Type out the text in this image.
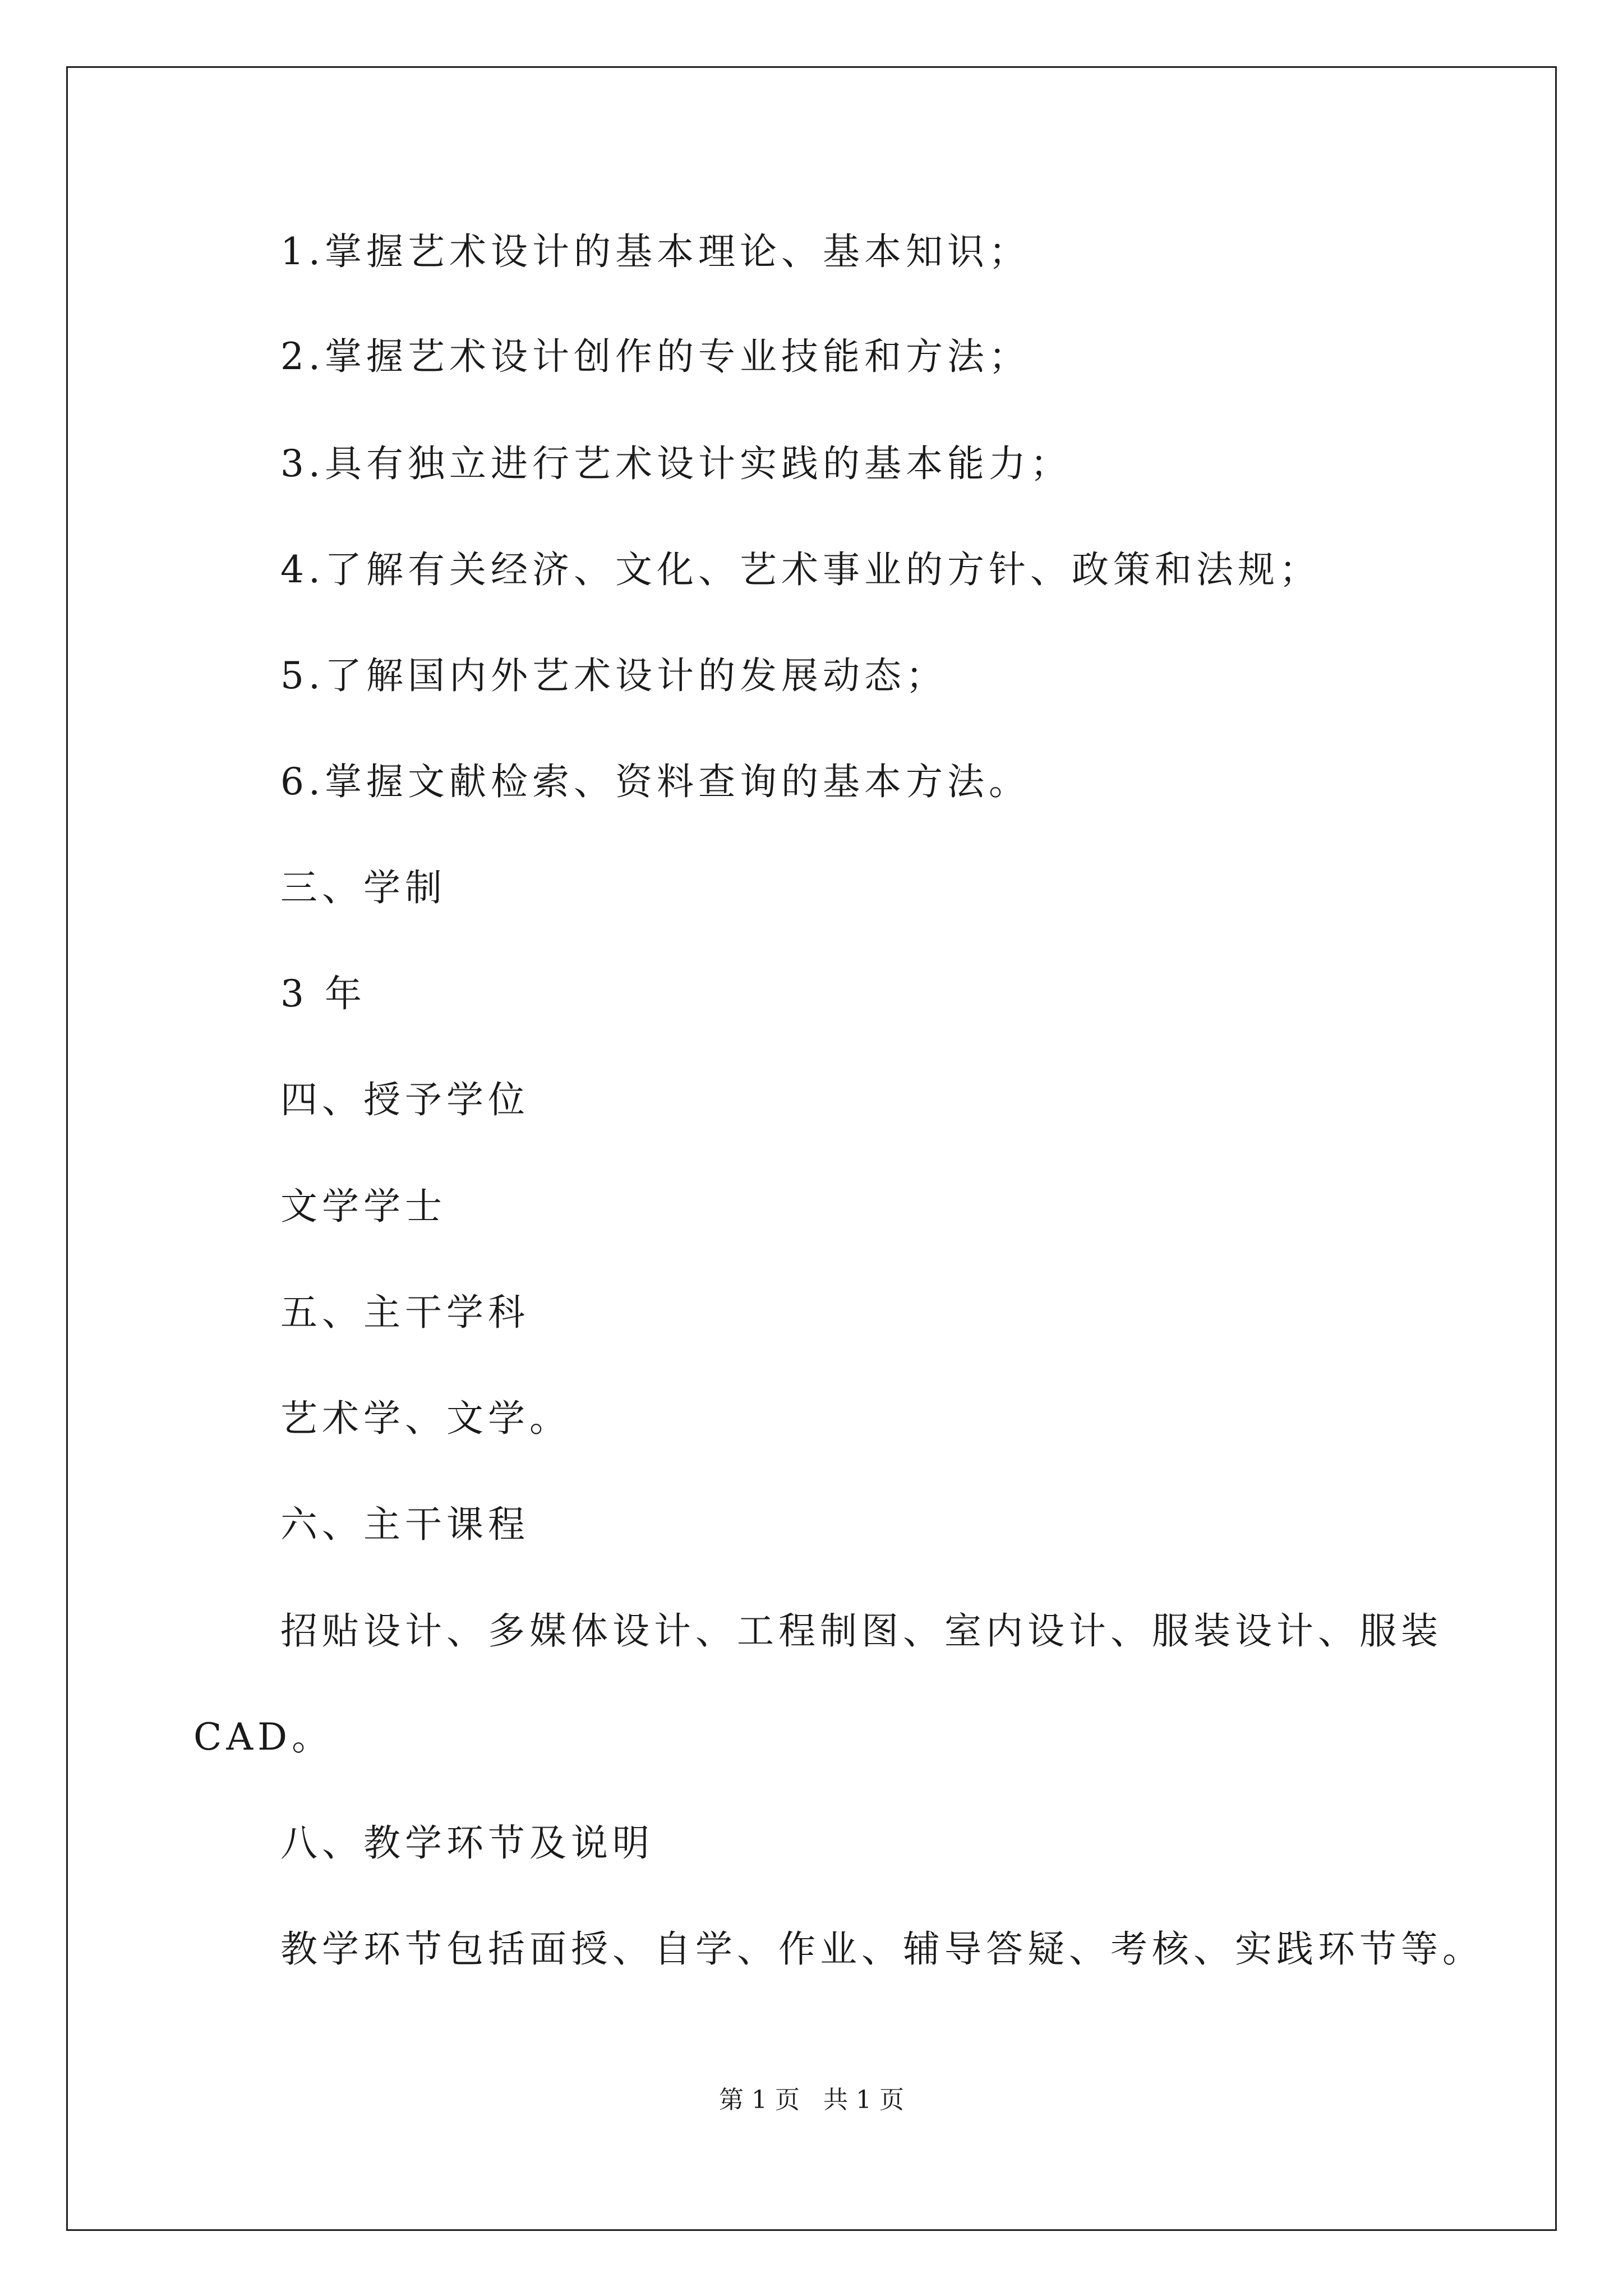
1.掌握艺术设计的基本理论、基本知识；
2.掌握艺术设计创作的专业技能和方法；
3.具有独立进行艺术设计实践的基本能力；
4.了解有关经济、文化、艺术事业的方针、政策和法规；
5.了解国内外艺术设计的发展动态；
6.掌握文献检索、资料查询的基本方法。
三、学制
3 年
四、授予学位
文学学士
五、主干学科
艺术学、文学。
六、主干课程
招贴设计、多媒体设计、工程制图、室内设计、服装设计、服装
CAD。
八、教学环节及说明
教学环节包括面授、自学、作业、辅导答疑、考核、实践环节等。
第 1 页   共 1 页
